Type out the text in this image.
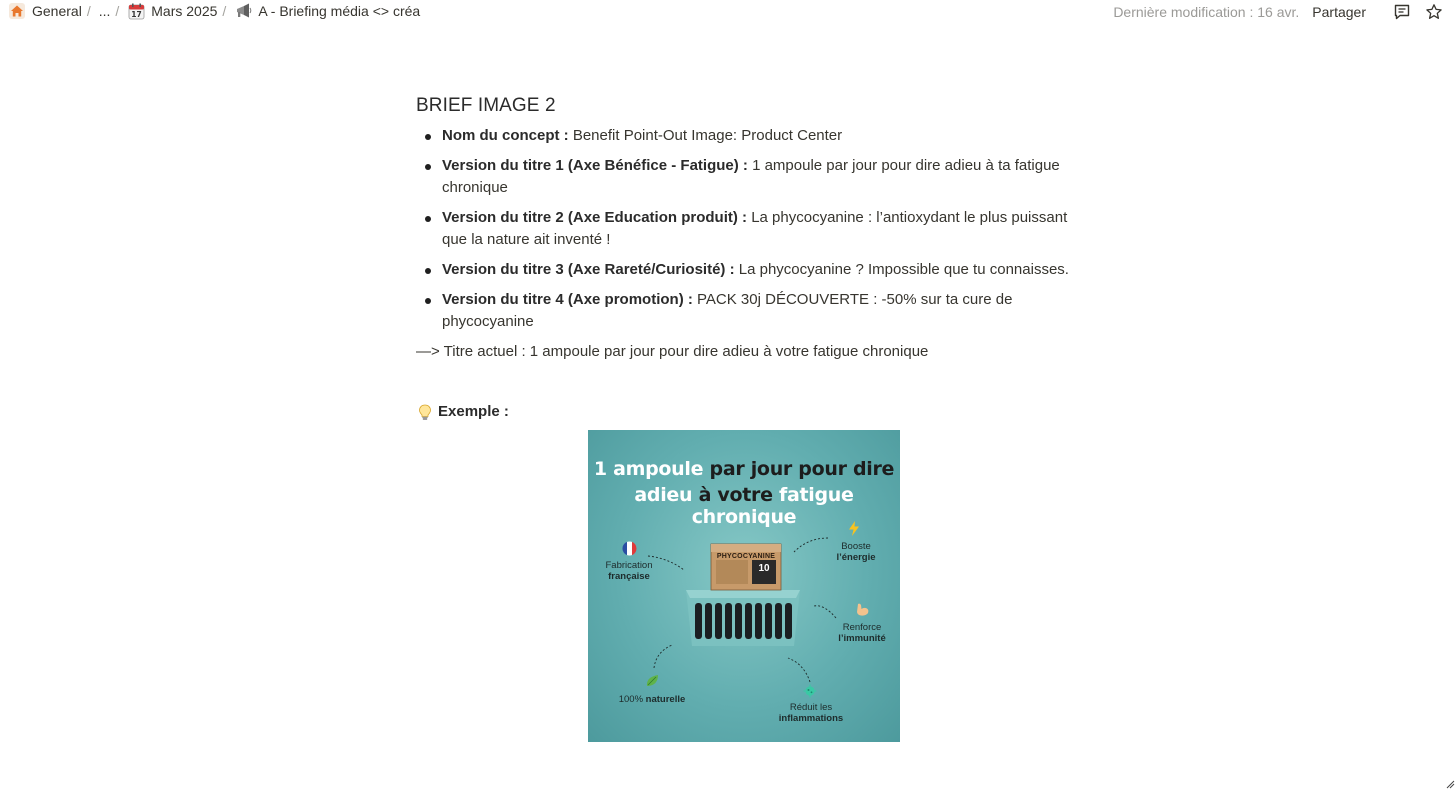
General / ... / 17 Mars 2025 / A - Briefing média <> créa	Dernière modification : 16 avr. Partager
BRIEF IMAGE 2
Nom du concept : Benefit Point-Out Image: Product Center
Version du titre 1 (Axe Bénéfice - Fatigue) : 1 ampoule par jour pour dire adieu à ta fatigue chronique
Version du titre 2 (Axe Education produit) : La phycocyanine : l’antioxydant le plus puissant que la nature ait inventé !
Version du titre 3 (Axe Rareté/Curiosité) : La phycocyanine ? Impossible que tu connaisses.
Version du titre 4 (Axe promotion) : PACK 30j DÉCOUVERTE : -50% sur ta cure de phycocyanine
—> Titre actuel : 1 ampoule par jour pour dire adieu à votre fatigue chronique
Exemple :
1 ampoule par jour pour dire
adieu à votre fatigue chronique
PHYCOCYANINE
10
Fabrication
française
Booste
l’énergie
Renforce
l’immunité
100% naturelle
Réduit les
inflammations
